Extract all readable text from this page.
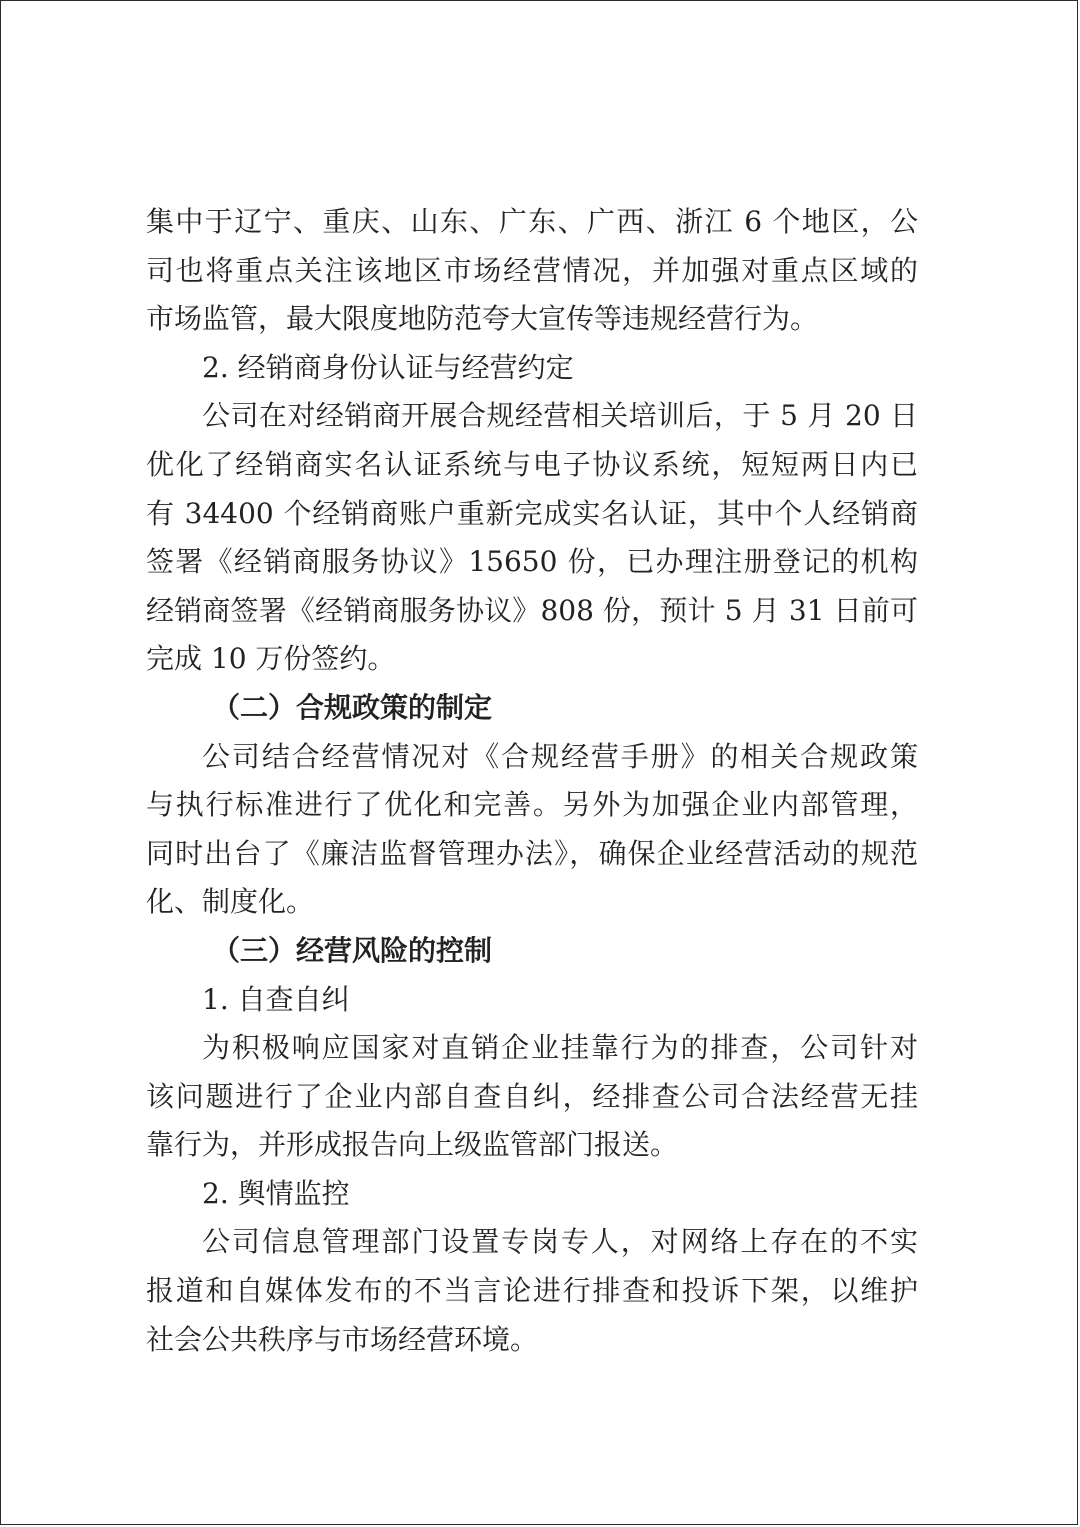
集中于辽宁、重庆、山东、广东、广西、浙江 6 个地区，公
司也将重点关注该地区市场经营情况，并加强对重点区域的
市场监管，最大限度地防范夸大宣传等违规经营行为。
2. 经销商身份认证与经营约定
公司在对经销商开展合规经营相关培训后，于 5 月 20 日
优化了经销商实名认证系统与电子协议系统，短短两日内已
有 34400 个经销商账户重新完成实名认证，其中个人经销商
签署《经销商服务协议》15650 份，已办理注册登记的机构
经销商签署《经销商服务协议》808 份，预计 5 月 31 日前可
完成 10 万份签约。
（二）合规政策的制定
公司结合经营情况对《合规经营手册》的相关合规政策
与执行标准进行了优化和完善。另外为加强企业内部管理，
同时出台了《廉洁监督管理办法》，确保企业经营活动的规范
化、制度化。
（三）经营风险的控制
1. 自查自纠
为积极响应国家对直销企业挂靠行为的排查，公司针对
该问题进行了企业内部自查自纠，经排查公司合法经营无挂
靠行为，并形成报告向上级监管部门报送。
2. 舆情监控
公司信息管理部门设置专岗专人，对网络上存在的不实
报道和自媒体发布的不当言论进行排查和投诉下架，以维护
社会公共秩序与市场经营环境。
